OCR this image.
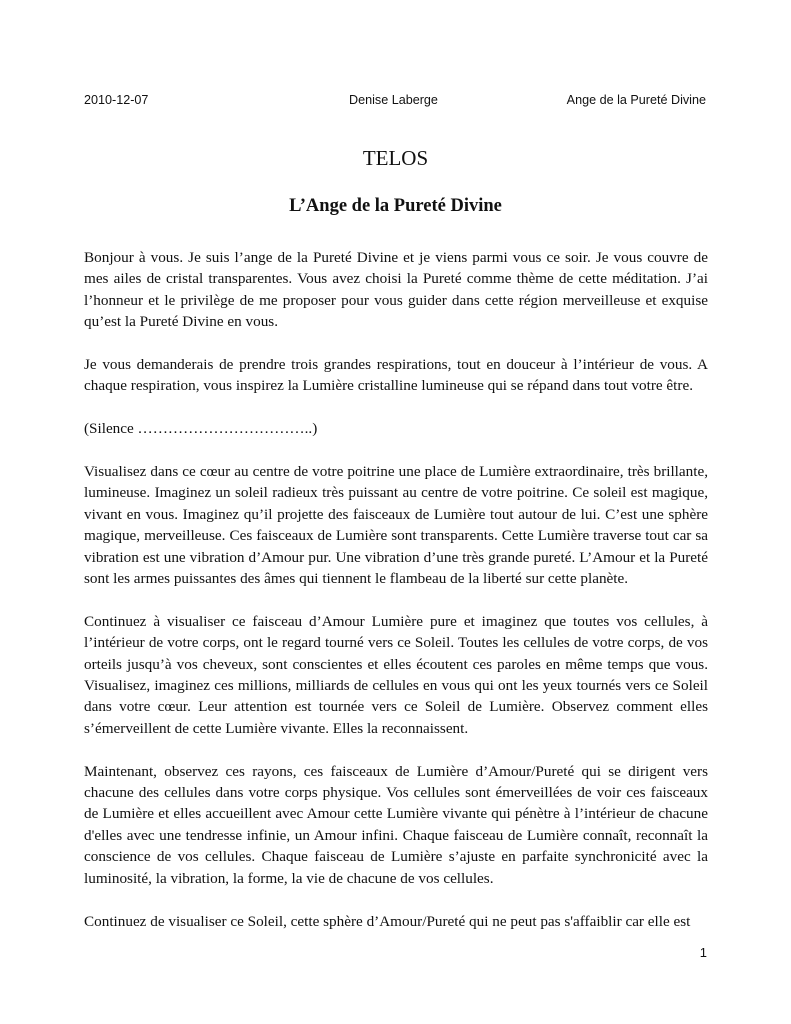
2010-12-07	Denise Laberge	Ange de la Pureté Divine
TELOS
L’Ange de la Pureté Divine

Bonjour à vous. Je suis l’ange de la Pureté Divine et je viens parmi vous ce soir. Je vous couvre de mes ailes de cristal transparentes. Vous avez choisi la Pureté comme thème de cette méditation. J’ai l’honneur et le privilège de me proposer pour vous guider dans cette région merveilleuse et exquise qu’est la Pureté Divine en vous.

Je vous demanderais de prendre trois grandes respirations, tout en douceur à l’intérieur de vous. A chaque respiration, vous inspirez la Lumière cristalline lumineuse qui se répand dans tout votre être.

(Silence ……………………………..)

Visualisez dans ce cœur au centre de votre poitrine une place de Lumière extraordinaire, très brillante, lumineuse. Imaginez un soleil radieux très puissant au centre de votre poitrine. Ce soleil est magique, vivant en vous. Imaginez qu’il projette des faisceaux de Lumière tout autour de lui. C’est une sphère magique, merveilleuse. Ces faisceaux de Lumière sont transparents. Cette Lumière traverse tout car sa vibration est une vibration d’Amour pur. Une vibration d’une très grande pureté. L’Amour et la Pureté sont les armes puissantes des âmes qui tiennent le flambeau de la liberté sur cette planète.

Continuez à visualiser ce faisceau d’Amour Lumière pure et imaginez que toutes vos cellules, à l’intérieur de votre corps, ont le regard tourné vers ce Soleil. Toutes les cellules de votre corps, de vos orteils jusqu’à vos cheveux, sont conscientes et elles écoutent ces paroles en même temps que vous. Visualisez, imaginez ces millions, milliards de cellules en vous qui ont les yeux tournés vers ce Soleil dans votre cœur. Leur attention est tournée vers ce Soleil de Lumière. Observez comment elles s’émerveillent de cette Lumière vivante. Elles la reconnaissent.

Maintenant, observez ces rayons, ces faisceaux de Lumière d’Amour/Pureté qui se dirigent vers chacune des cellules dans votre corps physique. Vos cellules sont émerveillées de voir ces faisceaux de Lumière et elles accueillent avec Amour cette Lumière vivante qui pénètre à l’intérieur de chacune d'elles avec une tendresse infinie, un Amour infini. Chaque faisceau de Lumière connaît, reconnaît la conscience de vos cellules. Chaque faisceau de Lumière s’ajuste en parfaite synchronicité avec la luminosité, la vibration, la forme, la vie de chacune de vos cellules.

Continuez de visualiser ce Soleil, cette sphère d’Amour/Pureté qui ne peut pas s'affaiblir car elle est

1
